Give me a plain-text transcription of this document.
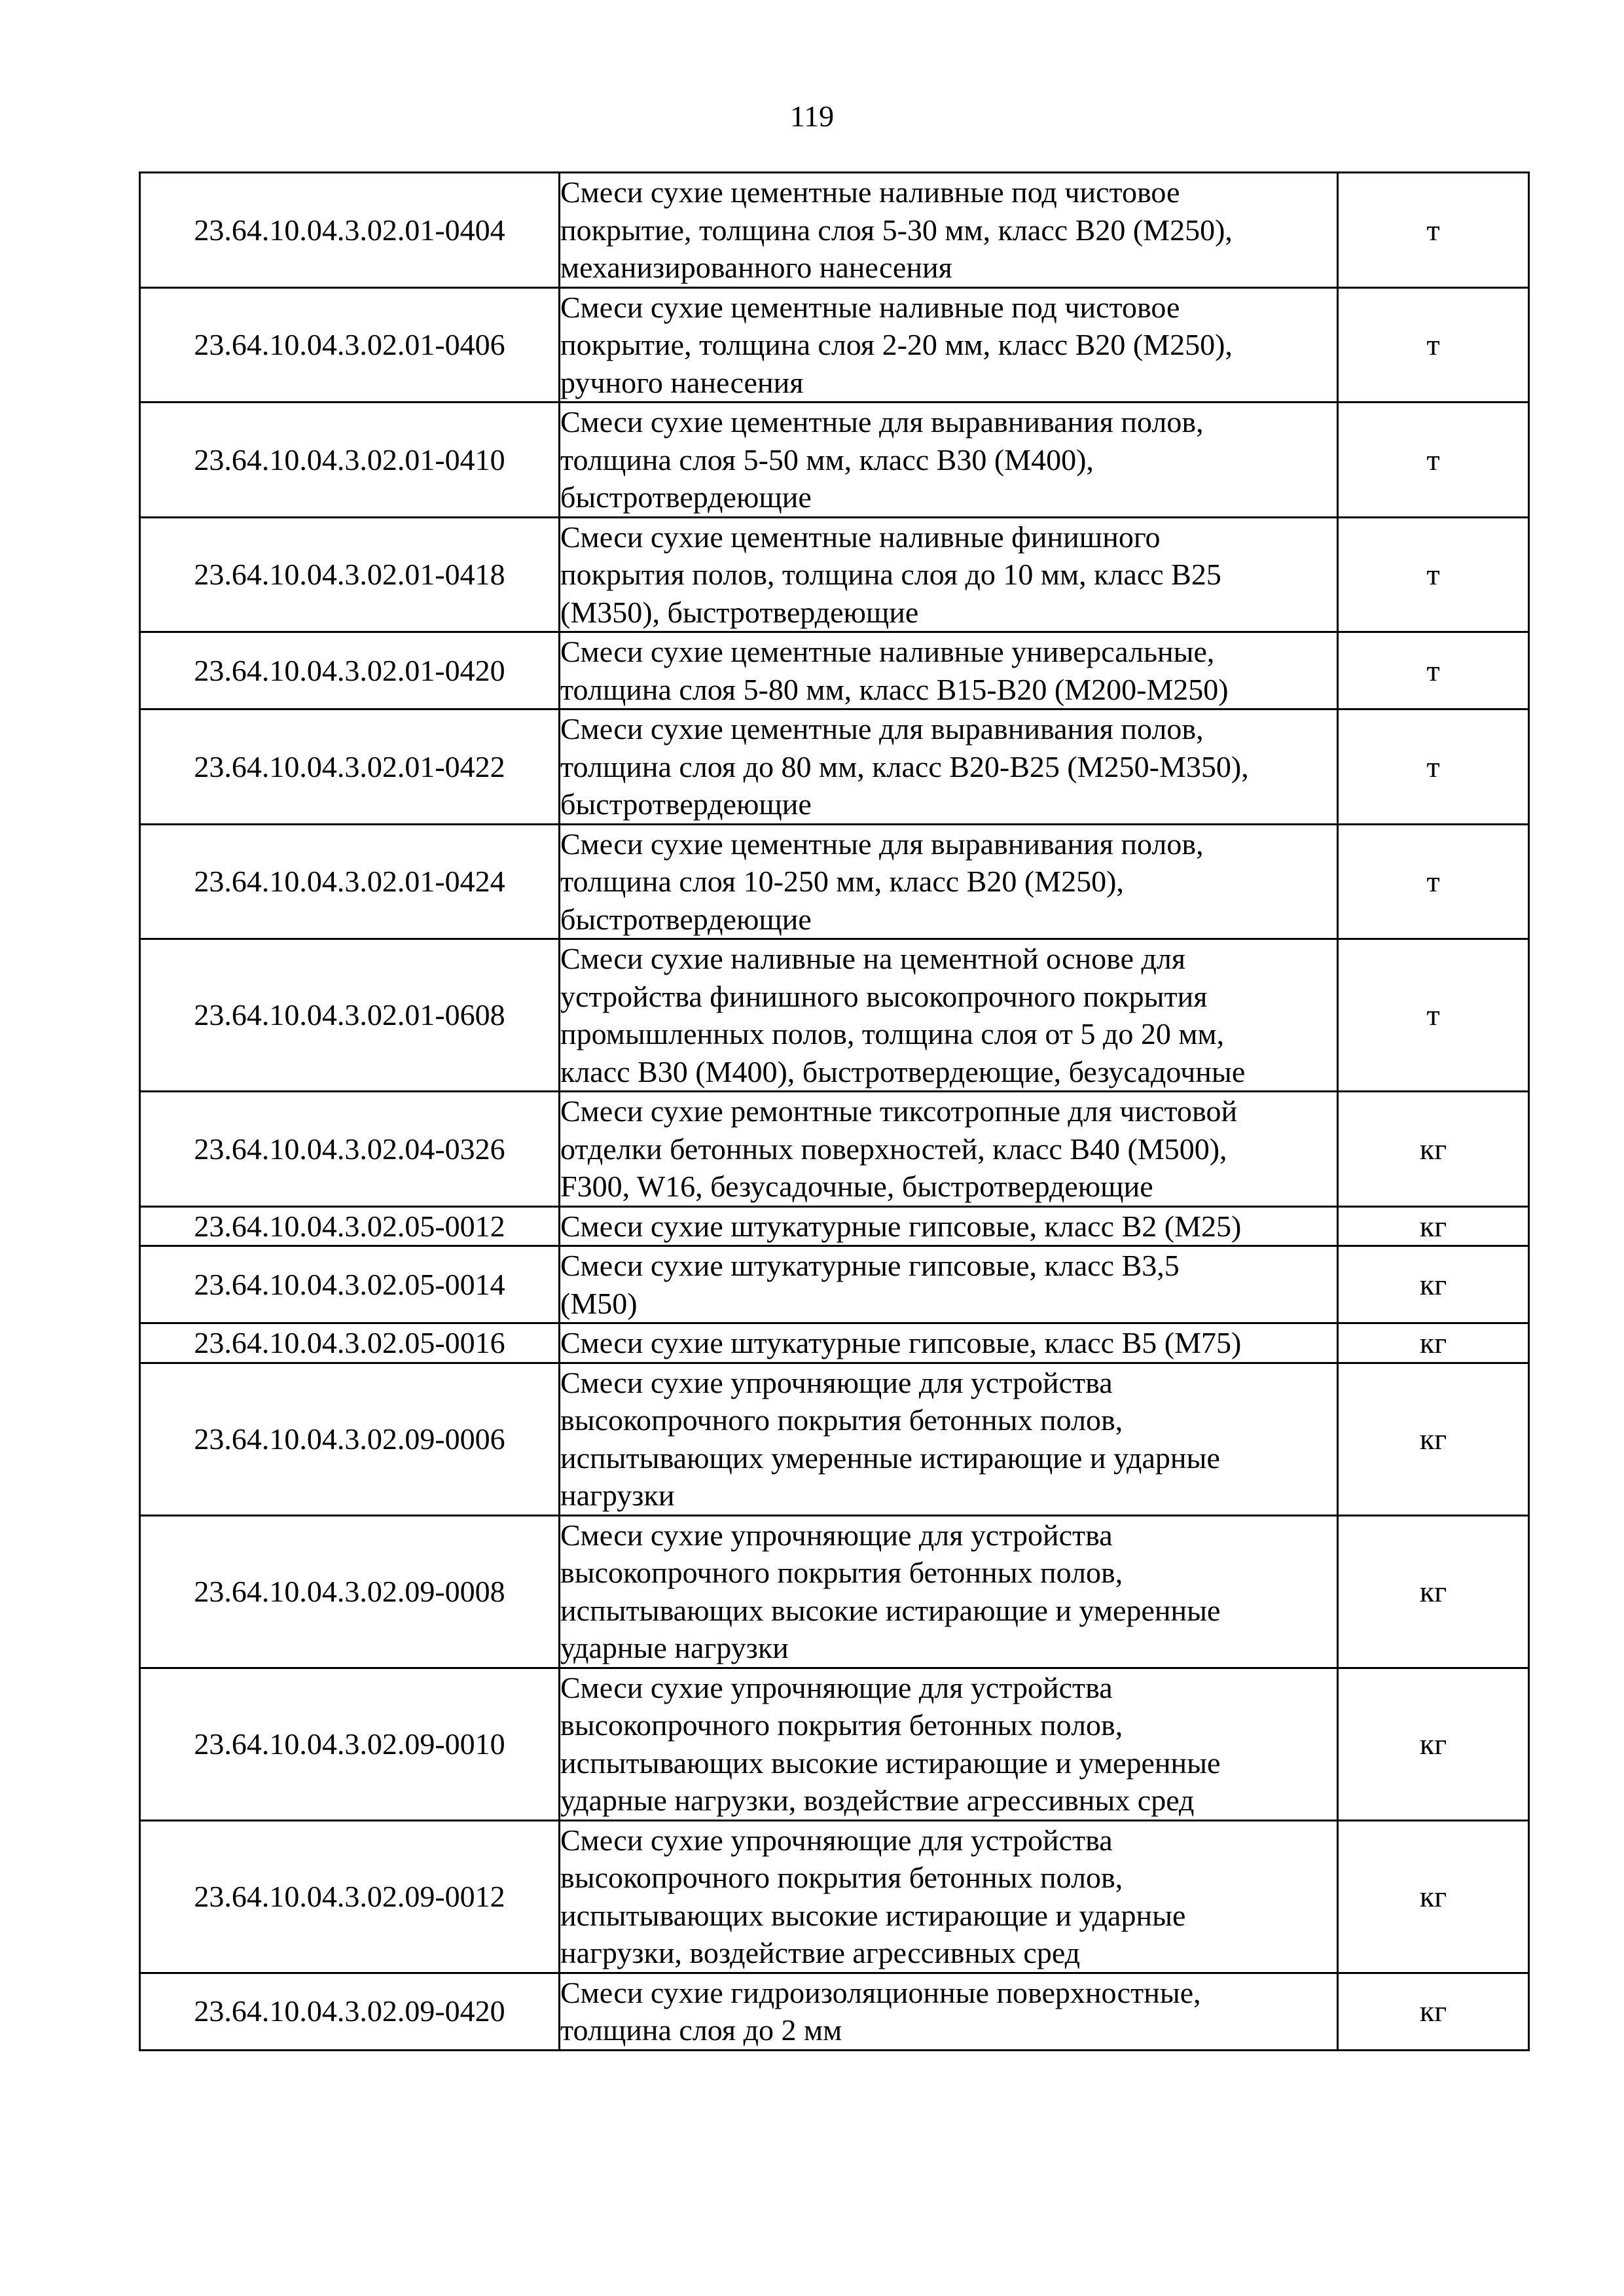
119
23.64.10.04.3.02.01-0404	Смеси сухие цементные наливные под чистовое
покрытие, толщина слоя 5-30 мм, класс В20 (М250),
механизированного нанесения	т
23.64.10.04.3.02.01-0406	Смеси сухие цементные наливные под чистовое
покрытие, толщина слоя 2-20 мм, класс В20 (М250),
ручного нанесения	т
23.64.10.04.3.02.01-0410	Смеси сухие цементные для выравнивания полов,
толщина слоя 5-50 мм, класс В30 (М400),
быстротвердеющие	т
23.64.10.04.3.02.01-0418	Смеси сухие цементные наливные финишного
покрытия полов, толщина слоя до 10 мм, класс В25
(М350), быстротвердеющие	т
23.64.10.04.3.02.01-0420	Смеси сухие цементные наливные универсальные,
толщина слоя 5-80 мм, класс В15-В20 (М200-М250)	т
23.64.10.04.3.02.01-0422	Смеси сухие цементные для выравнивания полов,
толщина слоя до 80 мм, класс В20-В25 (М250-М350),
быстротвердеющие	т
23.64.10.04.3.02.01-0424	Смеси сухие цементные для выравнивания полов,
толщина слоя 10-250 мм, класс В20 (М250),
быстротвердеющие	т
23.64.10.04.3.02.01-0608	Смеси сухие наливные на цементной основе для
устройства финишного высокопрочного покрытия
промышленных полов, толщина слоя от 5 до 20 мм,
класс В30 (М400), быстротвердеющие, безусадочные	т
23.64.10.04.3.02.04-0326	Смеси сухие ремонтные тиксотропные для чистовой
отделки бетонных поверхностей, класс В40 (М500),
F300, W16, безусадочные, быстротвердеющие	кг
23.64.10.04.3.02.05-0012	Смеси сухие штукатурные гипсовые, класс В2 (М25)	кг
23.64.10.04.3.02.05-0014	Смеси сухие штукатурные гипсовые, класс В3,5
(М50)	кг
23.64.10.04.3.02.05-0016	Смеси сухие штукатурные гипсовые, класс В5 (М75)	кг
23.64.10.04.3.02.09-0006	Смеси сухие упрочняющие для устройства
высокопрочного покрытия бетонных полов,
испытывающих умеренные истирающие и ударные
нагрузки	кг
23.64.10.04.3.02.09-0008	Смеси сухие упрочняющие для устройства
высокопрочного покрытия бетонных полов,
испытывающих высокие истирающие и умеренные
ударные нагрузки	кг
23.64.10.04.3.02.09-0010	Смеси сухие упрочняющие для устройства
высокопрочного покрытия бетонных полов,
испытывающих высокие истирающие и умеренные
ударные нагрузки, воздействие агрессивных сред	кг
23.64.10.04.3.02.09-0012	Смеси сухие упрочняющие для устройства
высокопрочного покрытия бетонных полов,
испытывающих высокие истирающие и ударные
нагрузки, воздействие агрессивных сред	кг
23.64.10.04.3.02.09-0420	Смеси сухие гидроизоляционные поверхностные,
толщина слоя до 2 мм	кг
